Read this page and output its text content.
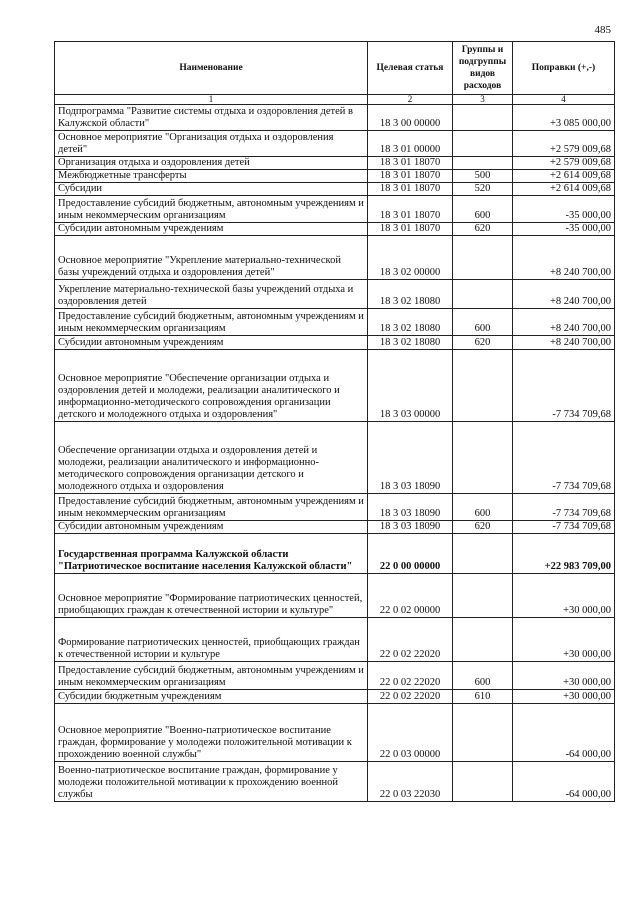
485
Наименование	Целевая статья	Группы и подгруппы видов расходов	Поправки (+,-)
1	2	3	4
Подпрограмма "Развитие системы отдыха и оздоровления детей в Калужской области"	18 3 00 00000		+3 085 000,00
Основное мероприятие "Организация отдыха и оздоровления детей"	18 3 01 00000		+2 579 009,68
Организация отдыха и оздоровления детей	18 3 01 18070		+2 579 009,68
Межбюджетные трансферты	18 3 01 18070	500	+2 614 009,68
Субсидии	18 3 01 18070	520	+2 614 009,68
Предоставление субсидий бюджетным, автономным учреждениям и иным некоммерческим организациям	18 3 01 18070	600	-35 000,00
Субсидии автономным учреждениям	18 3 01 18070	620	-35 000,00
Основное мероприятие "Укрепление материально-технической базы учреждений отдыха и оздоровления детей"	18 3 02 00000		+8 240 700,00
Укрепление материально-технической базы учреждений отдыха и оздоровления детей	18 3 02 18080		+8 240 700,00
Предоставление субсидий бюджетным, автономным учреждениям и иным некоммерческим организациям	18 3 02 18080	600	+8 240 700,00
Субсидии автономным учреждениям	18 3 02 18080	620	+8 240 700,00
Основное мероприятие "Обеспечение организации отдыха и оздоровления детей и молодежи, реализации аналитического и информационно-методического сопровождения организации детского и молодежного отдыха и оздоровления"	18 3 03 00000		-7 734 709,68
Обеспечение организации отдыха и оздоровления детей и молодежи, реализации аналитического и информационно-методического сопровождения организации детского и молодежного отдыха и оздоровления	18 3 03 18090		-7 734 709,68
Предоставление субсидий бюджетным, автономным учреждениям и иным некоммерческим организациям	18 3 03 18090	600	-7 734 709,68
Субсидии автономным учреждениям	18 3 03 18090	620	-7 734 709,68
Государственная программа Калужской области "Патриотическое воспитание населения Калужской области"	22 0 00 00000		+22 983 709,00
Основное мероприятие "Формирование патриотических ценностей, приобщающих граждан к отечественной истории и культуре"	22 0 02 00000		+30 000,00
Формирование патриотических ценностей, приобщающих граждан к отечественной истории и культуре	22 0 02 22020		+30 000,00
Предоставление субсидий бюджетным, автономным учреждениям и иным некоммерческим организациям	22 0 02 22020	600	+30 000,00
Субсидии бюджетным учреждениям	22 0 02 22020	610	+30 000,00
Основное мероприятие "Военно-патриотическое воспитание граждан, формирование у молодежи положительной мотивации к прохождению военной службы"	22 0 03 00000		-64 000,00
Военно-патриотическое воспитание граждан, формирование у молодежи положительной мотивации к прохождению военной службы	22 0 03 22030		-64 000,00
